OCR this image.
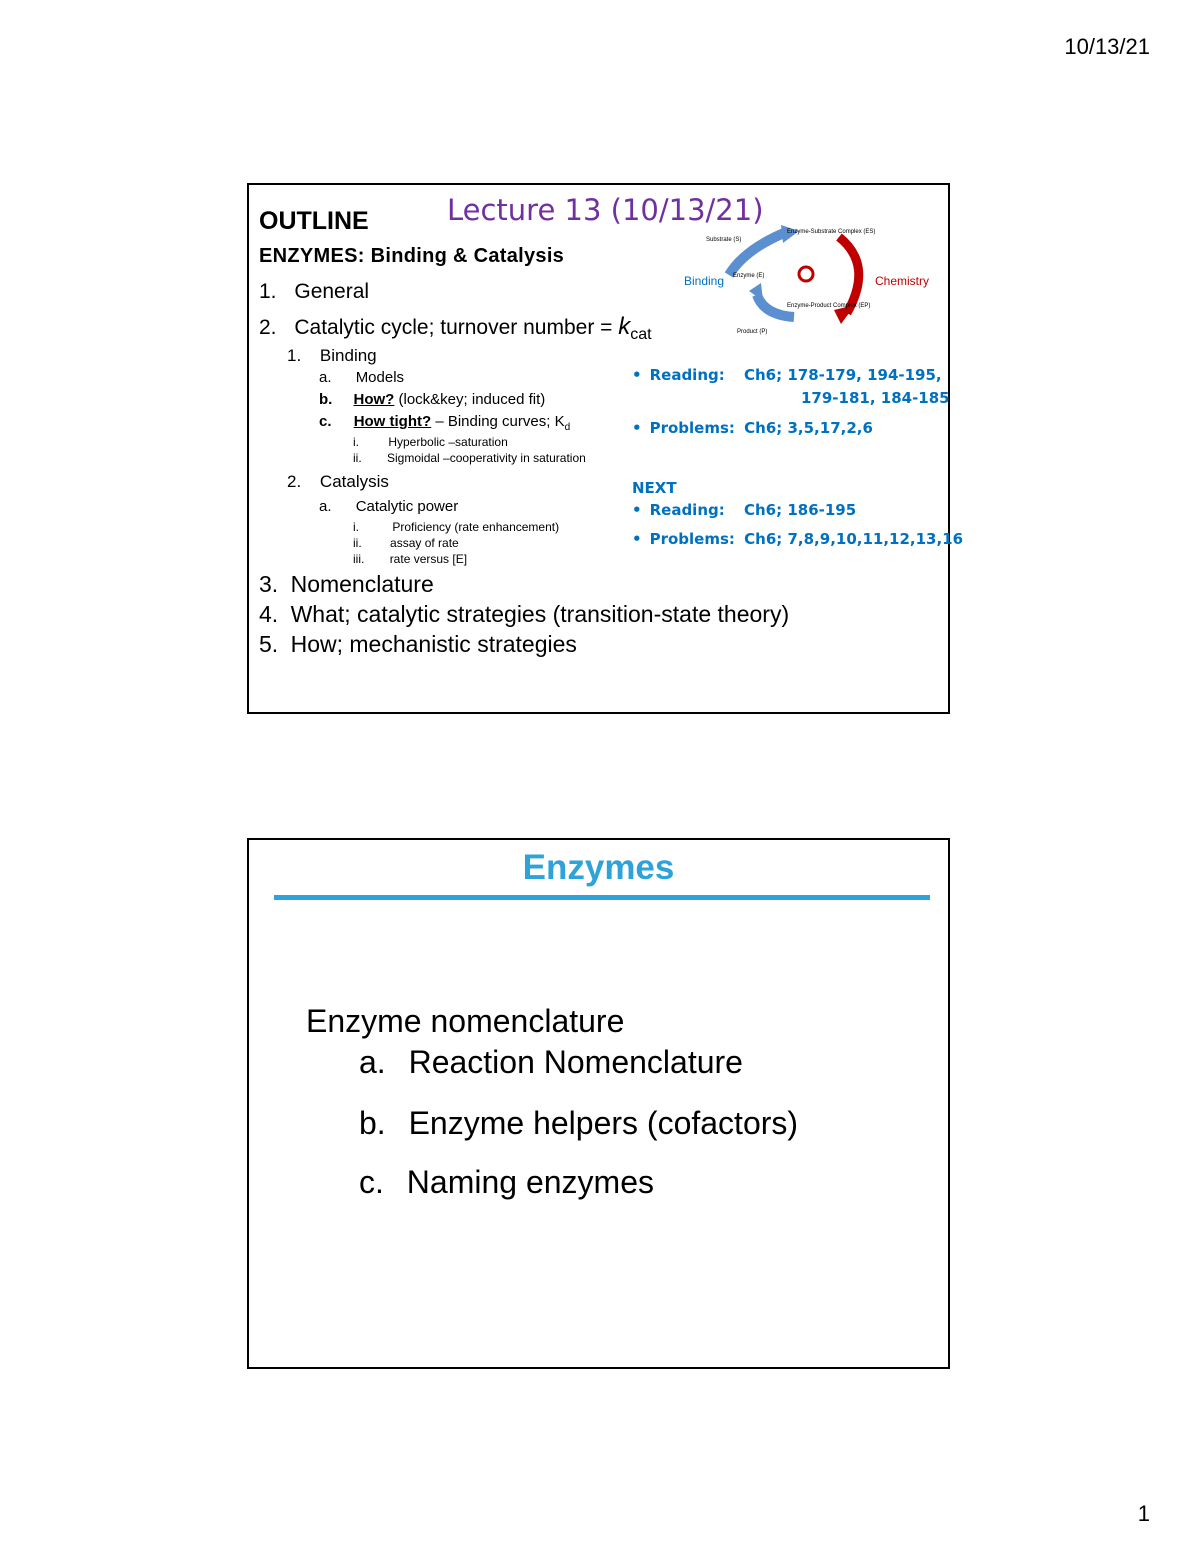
10/13/21
OUTLINE	Lecture 13 (10/13/21)
ENZYMES: Binding & Catalysis
1. General
2. Catalytic cycle; turnover number = $k_{cat}$
1. Binding
a. Models
b. How? (lock&key; induced fit)
c. How tight? – Binding curves; $K_d$
i. Hyperbolic –saturation
ii. Sigmoidal –cooperativity in saturation
2. Catalysis
a. Catalytic power
i.	Proficiency (rate enhancement)
ii. assay of rate
iii. rate versus [E]
3. Nomenclature
4. What; catalytic strategies (transition-state theory)
5. How; mechanistic strategies
Substrate (S)
Enzyme-Substrate Complex (ES)
Enzyme (E)
Enzyme-Product Complex (EP)
Product (P)
Binding	Chemistry
• Reading: Ch6; 178-179, 194-195,
179-181, 184-185
• Problems: Ch6; 3,5,17,2,6
NEXT
• Reading: Ch6; 186-195
• Problems: Ch6; 7,8,9,10,11,12,13,16
Enzymes
Enzyme nomenclature
a. Reaction Nomenclature
b. Enzyme helpers (cofactors)
c. Naming enzymes
1
